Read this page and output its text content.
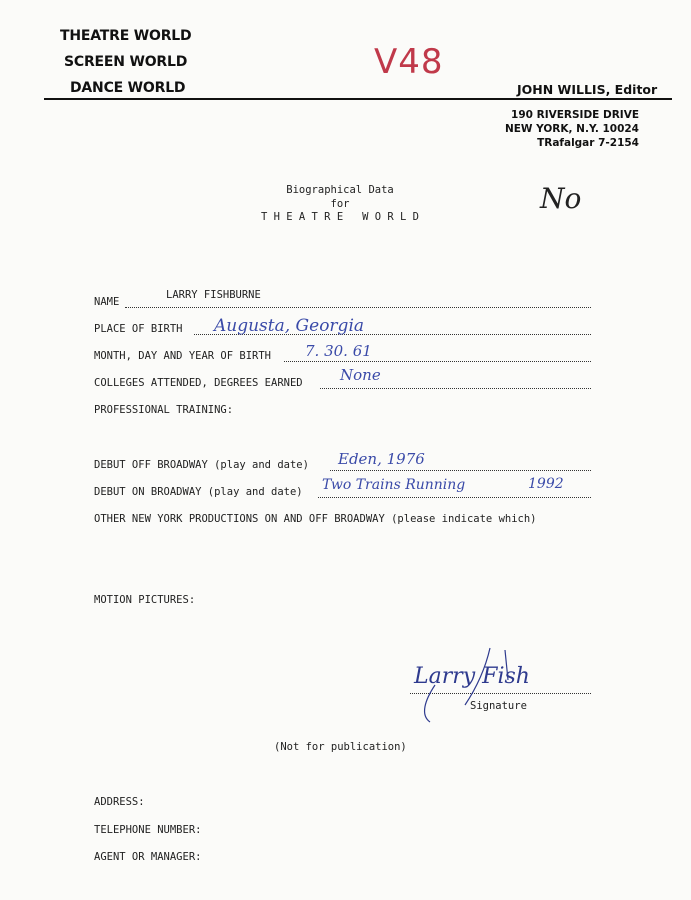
THEATRE WORLD
SCREEN WORLD
DANCE WORLD	JOHN WILLIS, Editor
190 RIVERSIDE DRIVE
NEW YORK, N.Y. 10024
TRafalgar 7-2154
V48
No
Biographical Data
for
T H E A T R E   W O R L D
NAME
LARRY FISHBURNE
PLACE OF BIRTH Augusta, Georgia
MONTH, DAY AND YEAR OF BIRTH 7. 30. 61
COLLEGES ATTENDED, DEGREES EARNED None
PROFESSIONAL TRAINING:
DEBUT OFF BROADWAY (play and date) Eden, 1976
DEBUT ON BROADWAY (play and date) Two Trains Running	1992
OTHER NEW YORK PRODUCTIONS ON AND OFF BROADWAY (please indicate which)
MOTION PICTURES:
Larry Fish
Signature
(Not for publication)
ADDRESS:
TELEPHONE NUMBER:
AGENT OR MANAGER:
